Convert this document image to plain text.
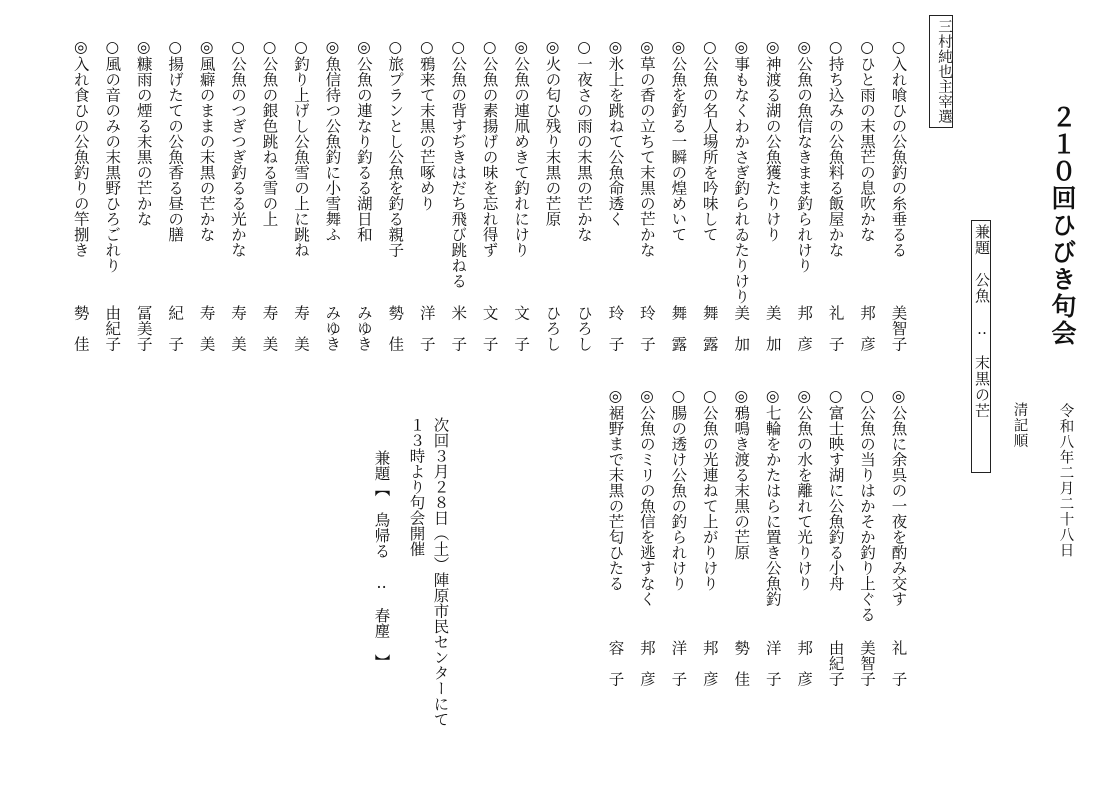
２１０回ひびき句会
令和八年二月二十八日
清記順
兼題　公魚　‥　末黒の芒
三村純也主宰選
○入れ喰ひの公魚釣の糸垂るる
美智子
○ひと雨の末黒芒の息吹かな
邦　彦
○持ち込みの公魚料る飯屋かな
礼　子
◎公魚の魚信なきまま釣られけり
邦　彦
◎神渡る湖の公魚獲たりけり
美　加
◎事もなくわかさぎ釣られゐたりけり
美　加
○公魚の名人場所を吟味して
舞　露
◎公魚を釣る一瞬の煌めいて
舞　露
◎草の香の立ちて末黒の芒かな
玲　子
◎氷上を跳ねて公魚命透く
玲　子
○一夜さの雨の末黒の芒かな
ひろし
◎火の匂ひ残り末黒の芒原
ひろし
◎公魚の連凧めきて釣れにけり
文　子
○公魚の素揚げの味を忘れ得ず
文　子
○公魚の背すぢきはだち飛び跳ねる
米　子
○鴉来て末黒の芒啄めり
洋　子
○旅プランとし公魚を釣る親子
勢　佳
◎公魚の連なり釣るる湖日和
みゆき
◎魚信待つ公魚釣に小雪舞ふ
みゆき
○釣り上げし公魚雪の上に跳ね
寿　美
○公魚の銀色跳ねる雪の上
寿　美
○公魚のつぎつぎ釣るる光かな
寿　美
◎風癖のままの末黒の芒かな
寿　美
○揚げたての公魚香る昼の膳
紀　子
◎糠雨の煙る末黒の芒かな
冨美子
○風の音のみの末黒野ひろごれり
由紀子
◎入れ食ひの公魚釣りの竿捌き
勢　佳
◎公魚に余呉の一夜を酌み交す
礼　子
○公魚の当りはかそか釣り上ぐる
美智子
○富士映す湖に公魚釣る小舟
由紀子
◎公魚の水を離れて光りけり
邦　彦
◎七輪をかたはらに置き公魚釣
洋　子
◎鴉鳴き渡る末黒の芒原
勢　佳
○公魚の光連ねて上がりけり
邦　彦
○腸の透け公魚の釣られけり
洋　子
◎公魚のミリの魚信を逃すなく
邦　彦
◎裾野まで末黒の芒匂ひたる
容　子
次回３月２８日（土）陣原市民センターにて
１３時より句会開催
兼題【　鳥帰る　‥　春塵　】
